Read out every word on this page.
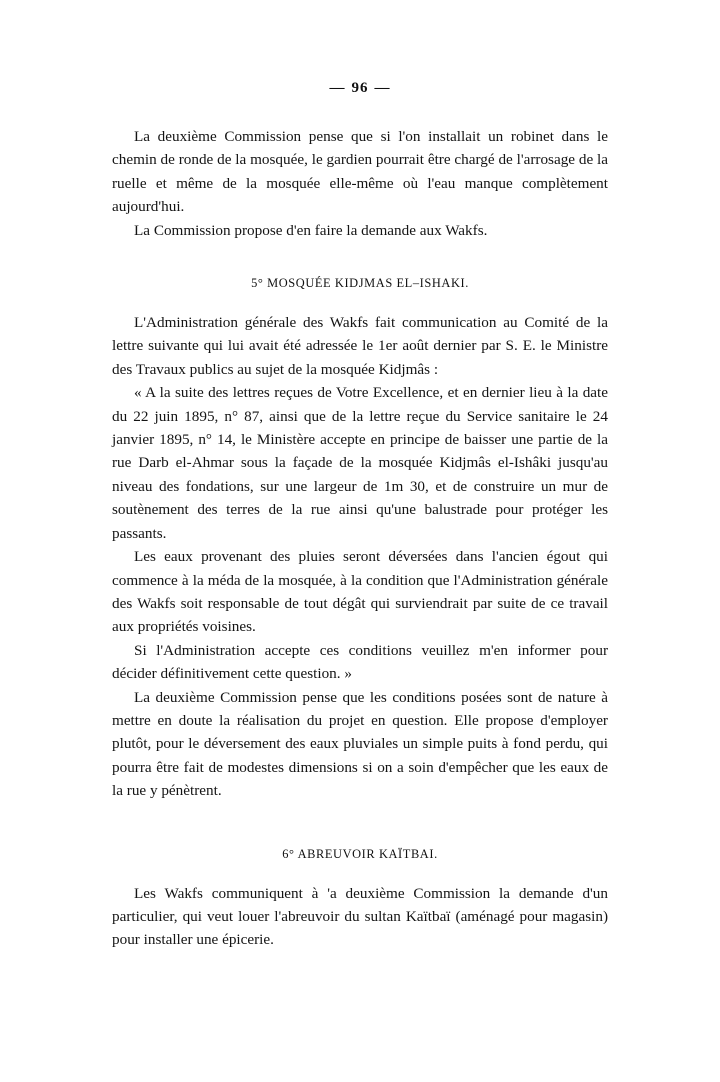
— 96 —

La deuxième Commission pense que si l'on installait un robinet dans le chemin de ronde de la mosquée, le gardien pourrait être chargé de l'arrosage de la ruelle et même de la mosquée elle-même où l'eau manque complètement aujourd'hui.

La Commission propose d'en faire la demande aux Wakfs.

5° MOSQUÉE KIDJMAS EL–ISHAKI.

L'Administration générale des Wakfs fait communication au Comité de la lettre suivante qui lui avait été adressée le 1er août dernier par S. E. le Ministre des Travaux publics au sujet de la mosquée Kidjmâs :

« A la suite des lettres reçues de Votre Excellence, et en dernier lieu à la date du 22 juin 1895, n° 87, ainsi que de la lettre reçue du Service sanitaire le 24 janvier 1895, n° 14, le Ministère accepte en principe de baisser une partie de la rue Darb el-Ahmar sous la façade de la mosquée Kidjmâs el-Ishâki jusqu'au niveau des fondations, sur une largeur de 1m 30, et de construire un mur de soutènement des terres de la rue ainsi qu'une balustrade pour protéger les passants.

Les eaux provenant des pluies seront déversées dans l'ancien égout qui commence à la méda de la mosquée, à la condition que l'Administration générale des Wakfs soit responsable de tout dégât qui surviendrait par suite de ce travail aux propriétés voisines.

Si l'Administration accepte ces conditions veuillez m'en informer pour décider définitivement cette question. »

La deuxième Commission pense que les conditions posées sont de nature à mettre en doute la réalisation du projet en question. Elle propose d'employer plutôt, pour le déversement des eaux pluviales un simple puits à fond perdu, qui pourra être fait de modestes dimensions si on a soin d'empêcher que les eaux de la rue y pénètrent.

6° ABREUVOIR KAÏTBAI.

Les Wakfs communiquent à 'a deuxième Commission la demande d'un particulier, qui veut louer l'abreuvoir du sultan Kaïtbaï (aménagé pour magasin) pour installer une épicerie.
